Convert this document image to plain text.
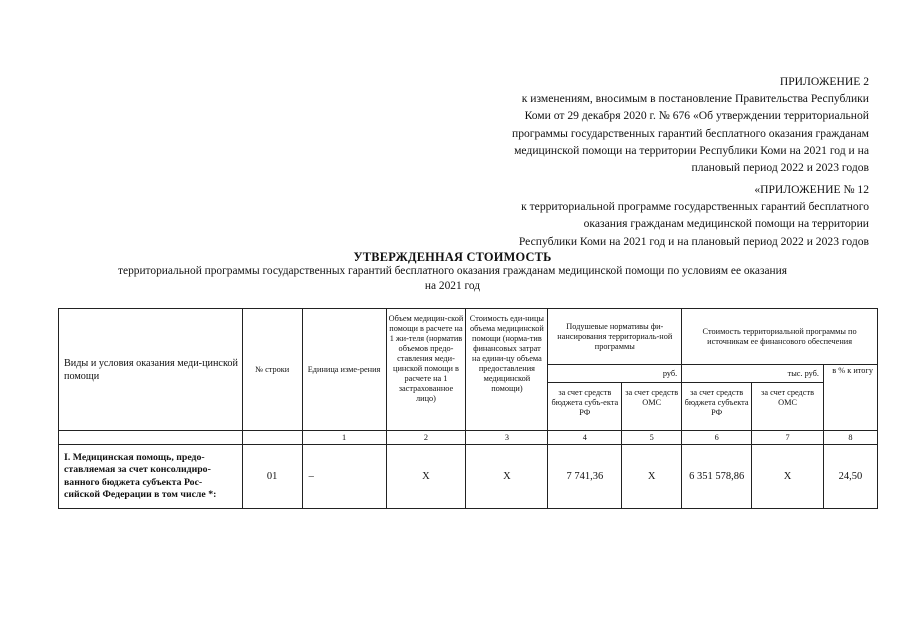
ПРИЛОЖЕНИЕ 2
к изменениям, вносимым в постановление Правительства Республики
Коми от 29 декабря 2020 г. № 676 «Об утверждении территориальной
программы государственных гарантий бесплатного оказания гражданам
медицинской помощи на территории Республики Коми на 2021 год и на
плановый период 2022 и 2023 годов
«ПРИЛОЖЕНИЕ № 12
к территориальной программе государственных гарантий бесплатного
оказания гражданам медицинской помощи на территории
Республики Коми на 2021 год и на плановый период 2022 и 2023 годов
УТВЕРЖДЕННАЯ СТОИМОСТЬ
территориальной программы государственных гарантий бесплатного оказания гражданам медицинской помощи по условиям ее оказания
на 2021 год
Виды и условия оказания меди-цинской помощи	№ строки	Единица изме-рения	Объем медицин-ской помощи в расчете на 1 жи-теля (норматив объемов предо-ставления меди-цинской помощи в расчете на 1 застрахованное лицо)	Стоимость еди-ницы объема медицинской помощи (норма-тив финансовых затрат на едини-цу объема предоставления медицинской помощи)	Подушевые нормативы фи-нансирования территориаль-ной программы		Стоимость территориальной программы по источникам ее финансового обеспечения		
					руб.		тыс. руб.		в % к итогу
					за счет средств бюджета субъ-екта РФ	за счет средств ОМС	за счет средств бюджета субъекта РФ	за счет средств ОМС	
		1	2	3	4	5	6	7	8
I. Медицинская помощь, предо-ставляемая за счет консолидиро-ванного бюджета субъекта Рос-сийской Федерации в том числе *:	01	–	X	X	7 741,36	X	6 351 578,86	X	24,50
